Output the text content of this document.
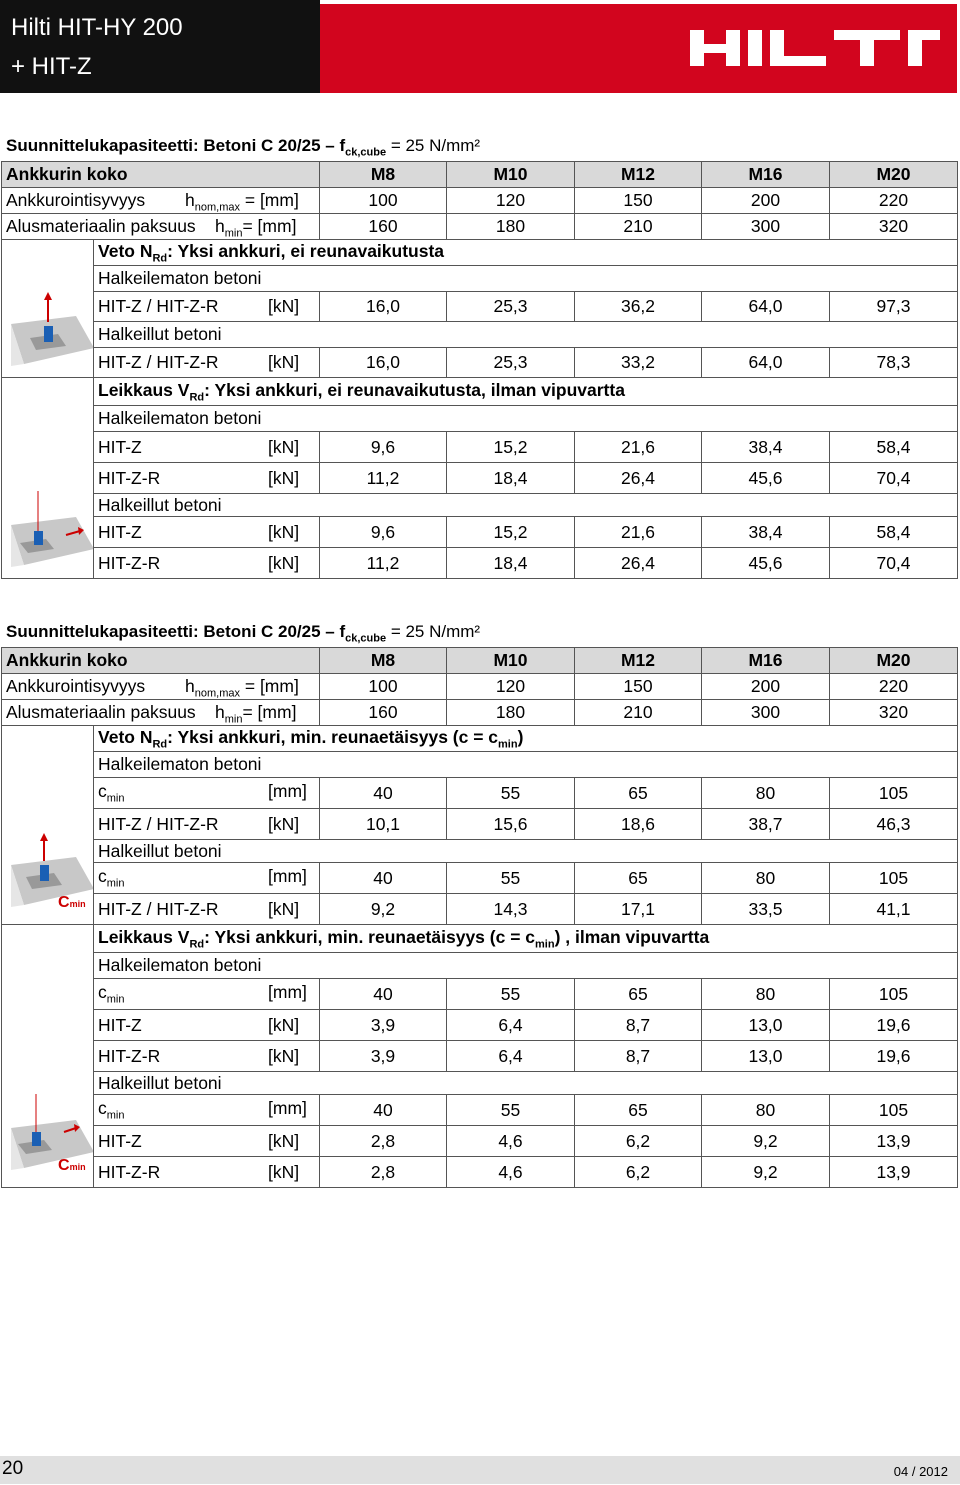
Hilti HIT-HY 200
+ HIT-Z
Suunnittelukapasiteetti: Betoni C $20/25 - f_{ck,cube} = 25$ N/mm²
Ankkurin koko		M8	M10	M12	M16	M20
Ankkurointisyvyys $h_{nom,max} = [mm]$		100	120	150	200	220
Alusmateriaalin paksuus $h_{min}= [mm]$		160	180	210	300	320
	Veto $N_{Rd}$: Yksi ankkuri, ei reunavaikutusta					
	Halkeilematon betoni					
	HIT-Z / HIT-Z-R [kN]	16,0	25,3	36,2	64,0	97,3
	Halkeillut betoni					
	HIT-Z / HIT-Z-R [kN]	16,0	25,3	33,2	64,0	78,3
	Leikkaus $V_{Rd}$: Yksi ankkuri, ei reunavaikutusta, ilman vipuvartta					
	Halkeilematon betoni					
	HIT-Z [kN]	9,6	15,2	21,6	38,4	58,4
	HIT-Z-R [kN]	11,2	18,4	26,4	45,6	70,4
	Halkeillut betoni					
	HIT-Z [kN]	9,6	15,2	21,6	38,4	58,4
	HIT-Z-R [kN]	11,2	18,4	26,4	45,6	70,4
Suunnittelukapasiteetti: Betoni C $20/25 - f_{ck,cube} = 25$ N/mm²
Ankkurin koko		M8	M10	M12	M16	M20
Ankkurointisyvyys $h_{nom,max} = [mm]$		100	120	150	200	220
Alusmateriaalin paksuus $h_{min}= [mm]$		160	180	210	300	320

Cmin	Veto $N_{Rd}$: Yksi ankkuri, min. reunaetäisyys $(c = c_{min})$					
	Halkeilematon betoni					
	$c_{min}$ [mm]	40	55	65	80	105
	HIT-Z / HIT-Z-R [kN]	10,1	15,6	18,6	38,7	46,3
	Halkeillut betoni					
	$c_{min}$ [mm]	40	55	65	80	105
	HIT-Z / HIT-Z-R [kN]	9,2	14,3	17,1	33,5	41,1

Cmin	Leikkaus $V_{Rd}$: Yksi ankkuri, min. reunaetäisyys $(c = c_{min})$ , ilman vipuvartta					
	Halkeilematon betoni					
	$c_{min}$ [mm]	40	55	65	80	105
	HIT-Z [kN]	3,9	6,4	8,7	13,0	19,6
	HIT-Z-R [kN]	3,9	6,4	8,7	13,0	19,6
	Halkeillut betoni					
	$c_{min}$ [mm]	40	55	65	80	105
	HIT-Z [kN]	2,8	4,6	6,2	9,2	13,9
	HIT-Z-R [kN]	2,8	4,6	6,2	9,2	13,9
20	04 / 2012
